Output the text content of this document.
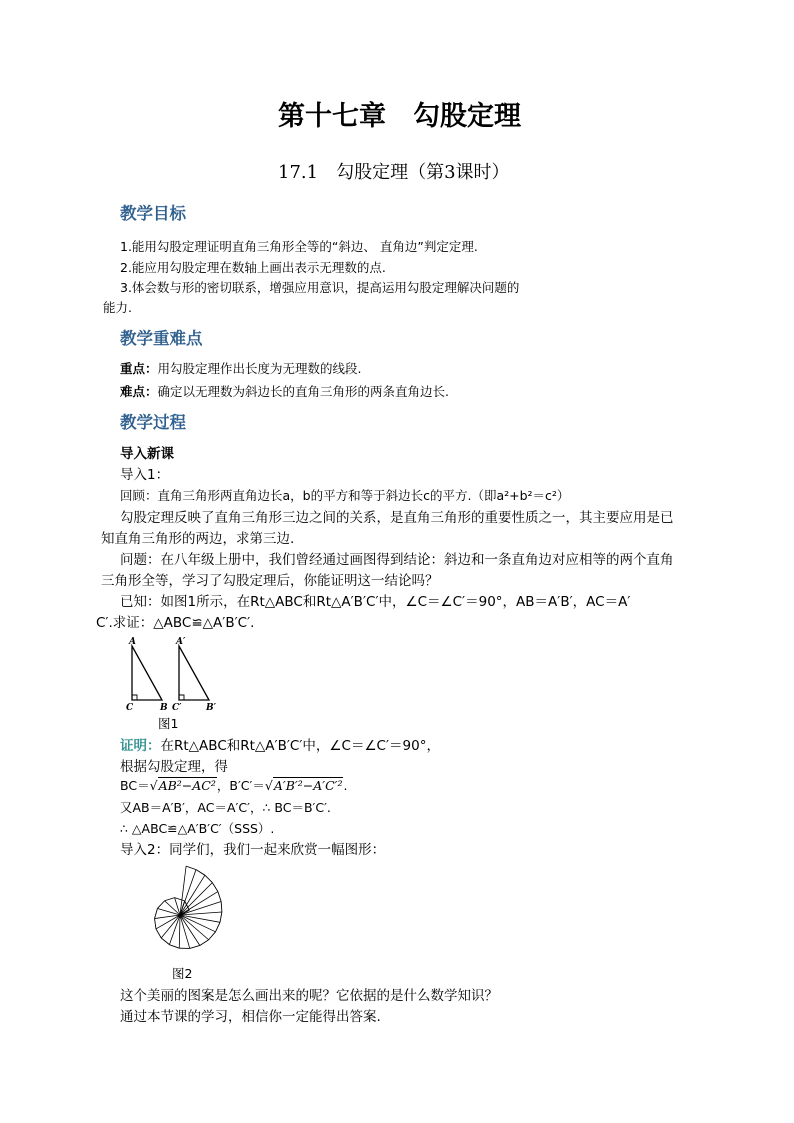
第十七章　勾股定理
17.1　勾股定理（第3课时）
教学目标
1.能用勾股定理证明直角三角形全等的“斜边、 直角边”判定定理.
2.能应用勾股定理在数轴上画出表示无理数的点.
3.体会数与形的密切联系，增强应用意识，提高运用勾股定理解决问题的
能力.
教学重难点
重点：用勾股定理作出长度为无理数的线段.
难点：确定以无理数为斜边长的直角三角形的两条直角边长.
教学过程
导入新课
导入1：
回顾：直角三角形两直角边长a，b的平方和等于斜边长c的平方.（即a²+b²＝c²）
勾股定理反映了直角三角形三边之间的关系，是直角三角形的重要性质之一，其主要应用是已
知直角三角形的两边，求第三边.
问题：在八年级上册中，我们曾经通过画图得到结论：斜边和一条直角边对应相等的两个直角
三角形全等，学习了勾股定理后，你能证明这一结论吗？
已知：如图1所示，在Rt△ABC和Rt△A′B′C′中，∠C＝∠C′＝90°，AB＝A′B′，AC＝A′
C′.求证：△ABC≌△A′B′C′.
A
C	B
A′
C′	B′
图1
证明：在Rt△ABC和Rt△A′B′C′中，∠C＝∠C′＝90°，
根据勾股定理，得
BC＝√AB²−AC²，B′C′＝√A′B′²−A′C′².
又AB＝A′B′，AC＝A′C′，∴ BC＝B′C′.
∴ △ABC≌△A′B′C′（SSS）.
导入2：同学们，我们一起来欣赏一幅图形：
图2
这个美丽的图案是怎么画出来的呢？它依据的是什么数学知识？
通过本节课的学习，相信你一定能得出答案.
